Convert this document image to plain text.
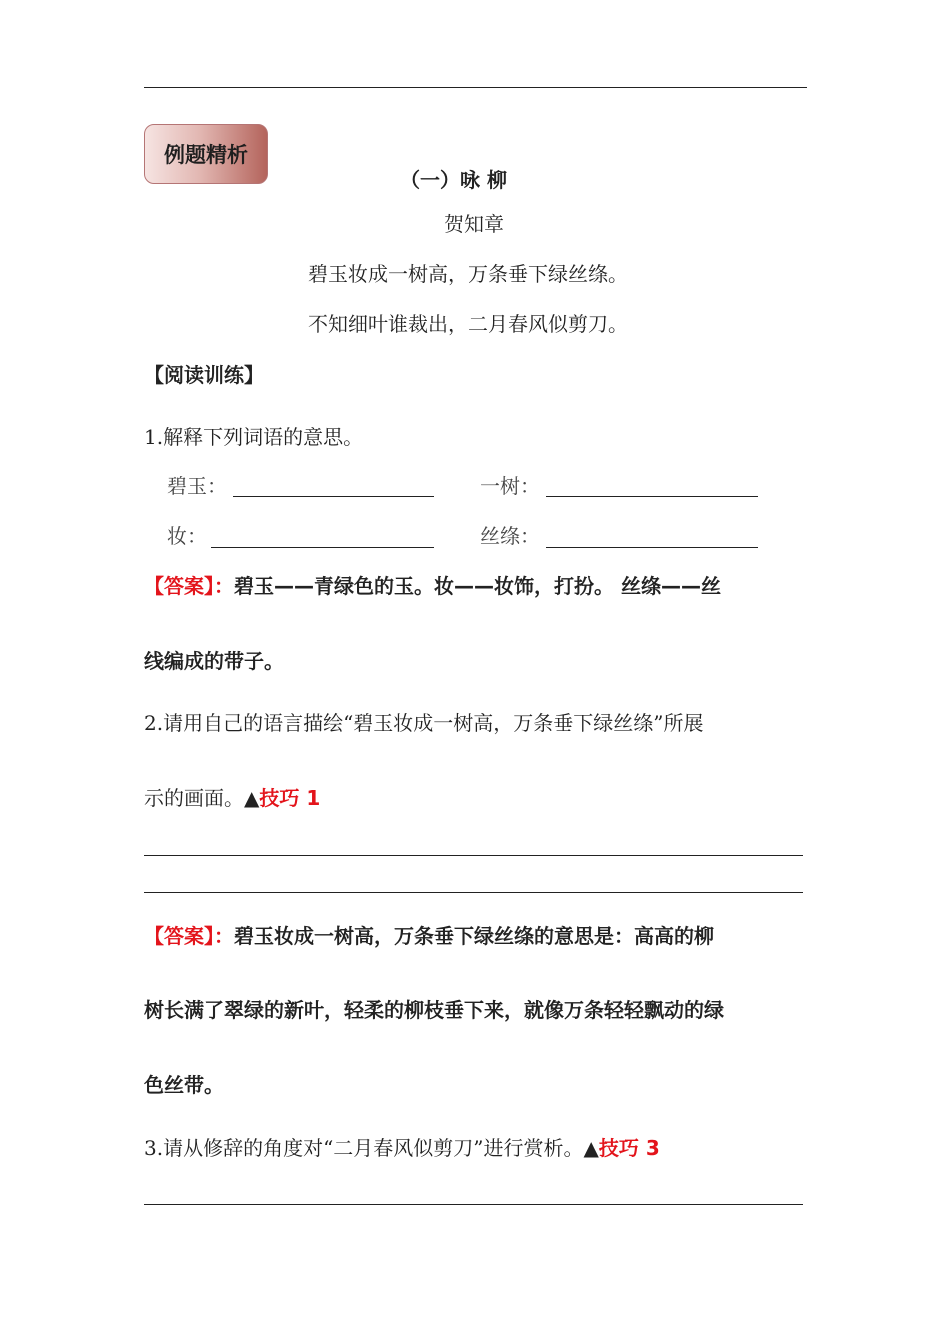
例题精析
（一）咏 柳
贺知章
碧玉妆成一树高，万条垂下绿丝绦。
不知细叶谁裁出，二月春风似剪刀。
【阅读训练】
1.解释下列词语的意思。
碧玉：	一树：
妆：	丝绦：
【答案】：碧玉——青绿色的玉。妆——妆饰，打扮。 丝绦——丝
线编成的带子。
2.请用自己的语言描绘“碧玉妆成一树高，万条垂下绿丝绦”所展
示的画面。▲技巧 1
【答案】：碧玉妆成一树高，万条垂下绿丝绦的意思是：高高的柳
树长满了翠绿的新叶，轻柔的柳枝垂下来，就像万条轻轻飘动的绿
色丝带。
3.请从修辞的角度对“二月春风似剪刀”进行赏析。▲技巧 3
